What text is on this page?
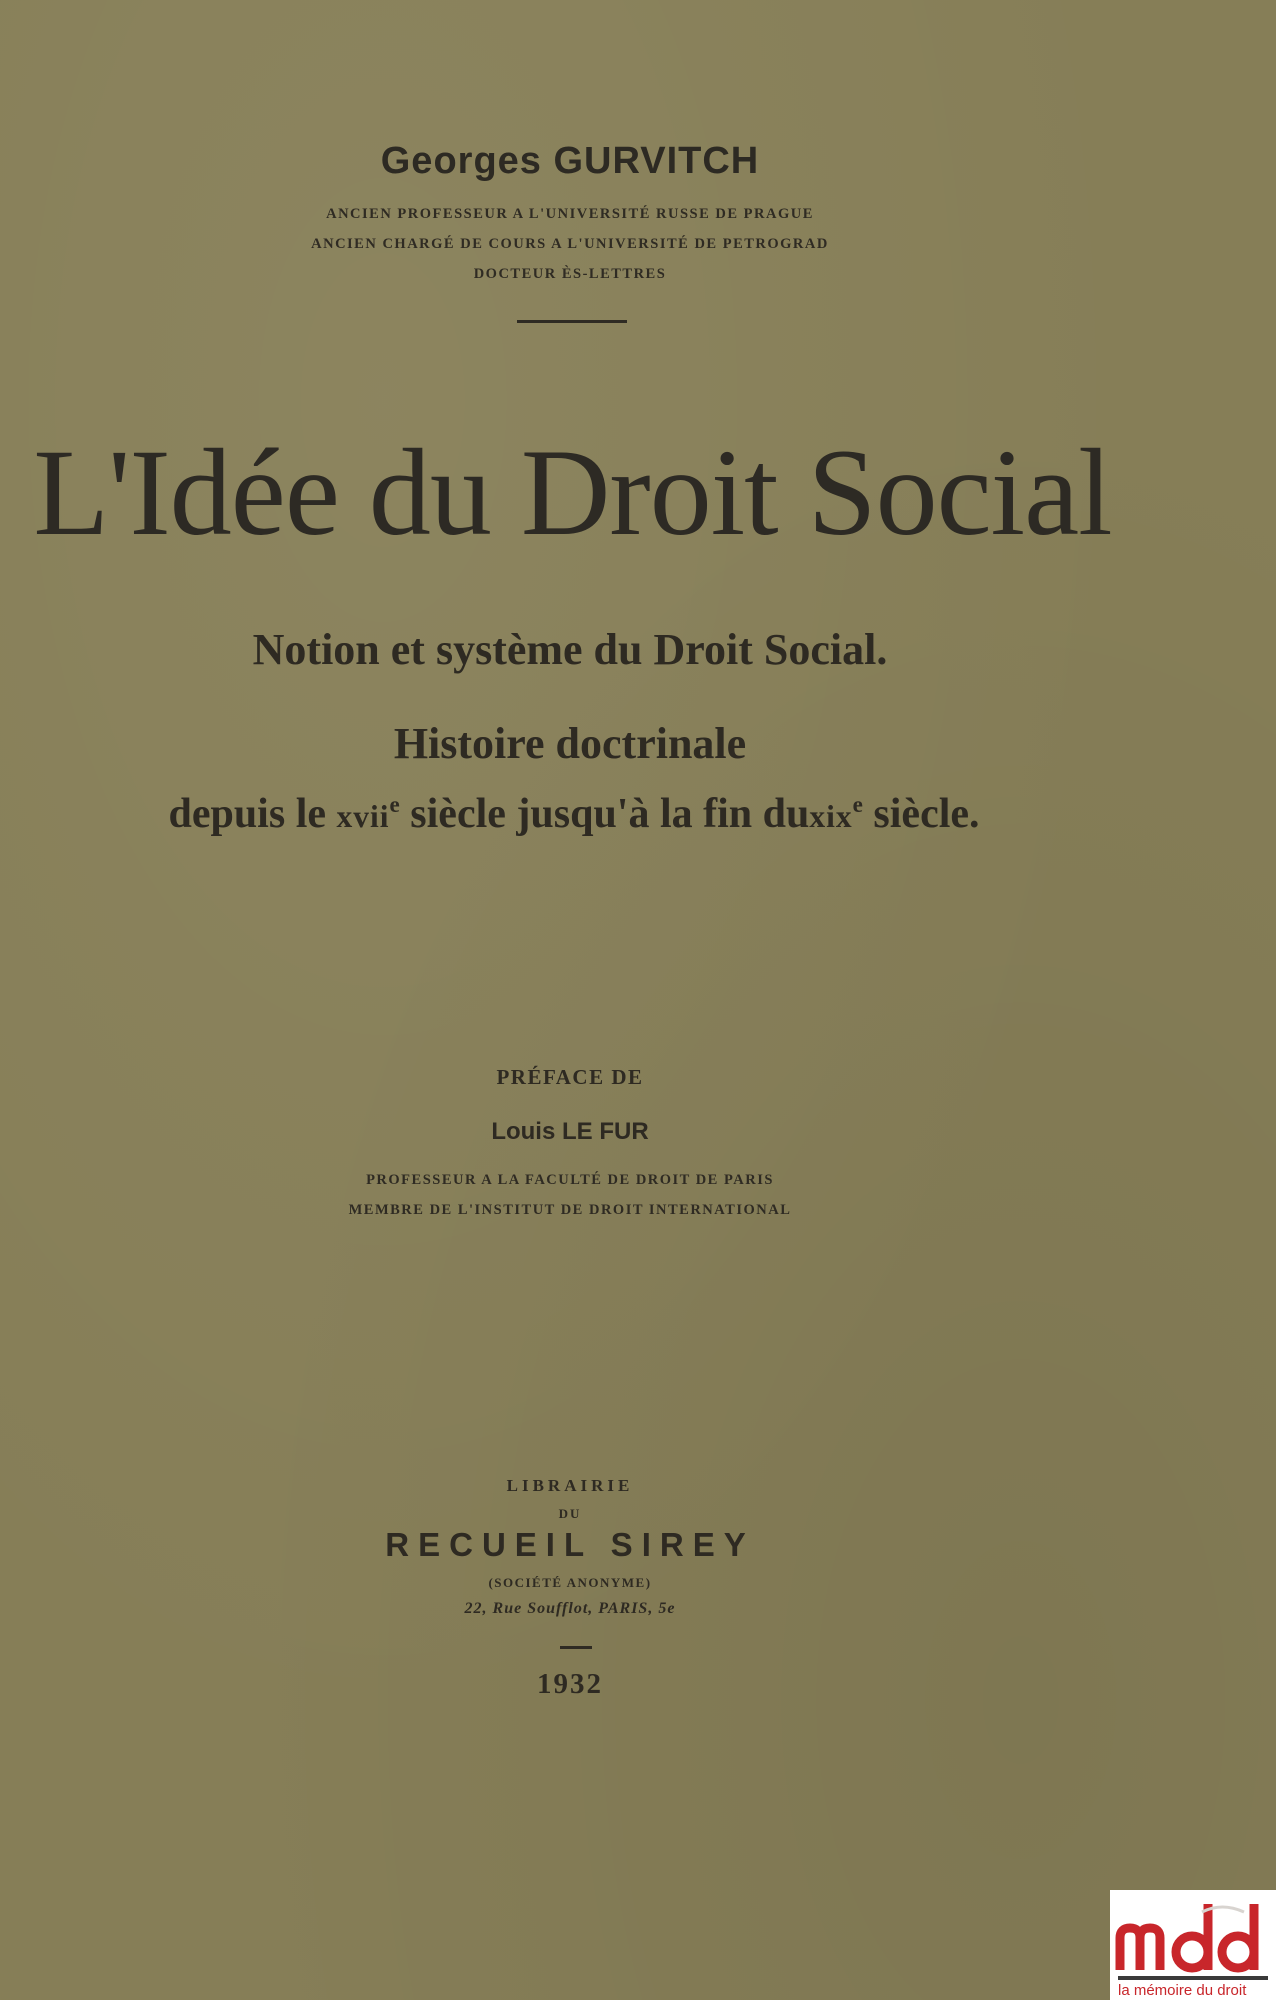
Georges GURVITCH
ANCIEN PROFESSEUR A L'UNIVERSITÉ RUSSE DE PRAGUE
ANCIEN CHARGÉ DE COURS A L'UNIVERSITÉ DE PETROGRAD
DOCTEUR ÈS-LETTRES
L'Idée du Droit Social
Notion et système du Droit Social.
Histoire doctrinale
depuis le xvii$^e$ siècle jusqu'à la fin duxix$^e$ siècle.
PRÉFACE DE
Louis LE FUR
PROFESSEUR A LA FACULTÉ DE DROIT DE PARIS
MEMBRE DE L'INSTITUT DE DROIT INTERNATIONAL
LIBRAIRIE
DU
RECUEIL SIREY
(SOCIÉTÉ ANONYME)
22, Rue Soufflot, PARIS, 5e
1932
la mémoire du droit
